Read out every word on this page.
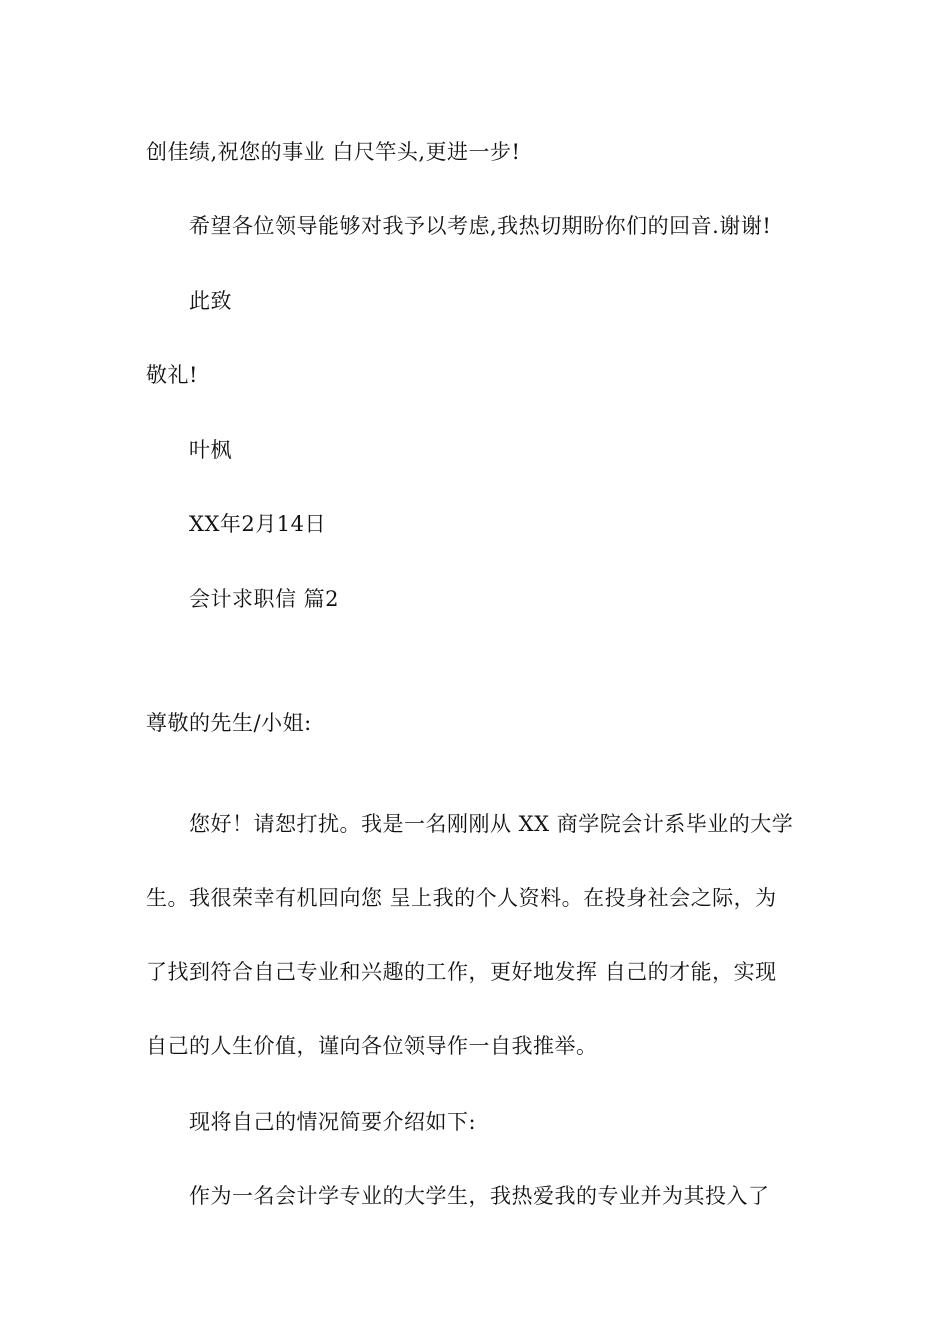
创佳绩,祝您的事业 白尺竿头,更进一步!
希望各位领导能够对我予以考虑,我热切期盼你们的回音.谢谢!
此致
敬礼!
叶枫
XX年2月14日
会计求职信 篇2
尊敬的先生/小姐:
您好！请恕打扰。我是一名刚刚从 XX 商学院会计系毕业的大学
生。我很荣幸有机回向您 呈上我的个人资料。在投身社会之际，为
了找到符合自己专业和兴趣的工作，更好地发挥 自己的才能，实现
自己的人生价值，谨向各位领导作一自我推举。
现将自己的情况简要介绍如下:
作为一名会计学专业的大学生，我热爱我的专业并为其投入了
